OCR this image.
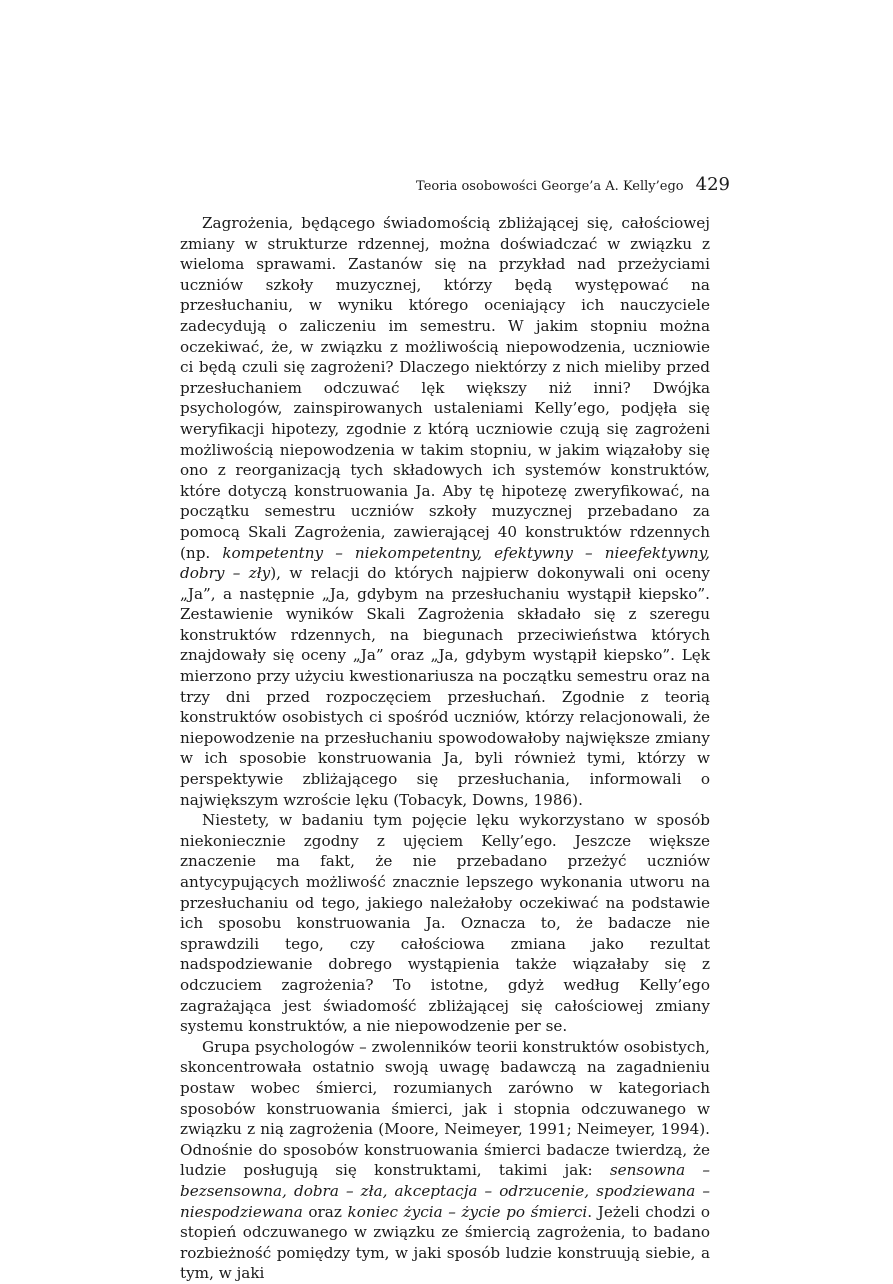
Teoria osobowości George’a A. Kelly’ego 429

Zagrożenia, będącego świadomością zbliżającej się, całościowej zmiany w strukturze rdzennej, można doświadczać w związku z wieloma sprawami. Zastanów się na przykład nad przeżyciami uczniów szkoły muzycznej, którzy będą występować na przesłuchaniu, w wyniku którego oceniający ich nauczyciele zadecydują o zaliczeniu im semestru. W jakim stopniu można oczekiwać, że, w związku z możliwością niepowodzenia, uczniowie ci będą czuli się zagrożeni? Dlaczego niektórzy z nich mieliby przed przesłuchaniem odczuwać lęk większy niż inni? Dwójka psychologów, zainspirowanych ustaleniami Kelly’ego, podjęła się weryfikacji hipotezy, zgodnie z którą uczniowie czują się zagrożeni możliwością niepowodzenia w takim stopniu, w jakim wiązałoby się ono z reorganizacją tych składowych ich systemów konstruktów, które dotyczą konstruowania Ja. Aby tę hipotezę zweryfikować, na początku semestru uczniów szkoły muzycznej przebadano za pomocą Skali Zagrożenia, zawierającej 40 konstruktów rdzennych (np. kompetentny – niekompetentny, efektywny – nieefektywny, dobry – zły), w relacji do których najpierw dokonywali oni oceny „Ja”, a następnie „Ja, gdybym na przesłuchaniu wystąpił kiepsko”. Zestawienie wyników Skali Zagrożenia składało się z szeregu konstruktów rdzennych, na biegunach przeciwieństwa których znajdowały się oceny „Ja” oraz „Ja, gdybym wystąpił kiepsko”. Lęk mierzono przy użyciu kwestionariusza na początku semestru oraz na trzy dni przed rozpoczęciem przesłuchań. Zgodnie z teorią konstruktów osobistych ci spośród uczniów, którzy relacjonowali, że niepowodzenie na przesłuchaniu spowodowałoby największe zmiany w ich sposobie konstruowania Ja, byli również tymi, którzy w perspektywie zbliżającego się przesłuchania, informowali o największym wzroście lęku (Tobacyk, Downs, 1986).

Niestety, w badaniu tym pojęcie lęku wykorzystano w sposób niekoniecznie zgodny z ujęciem Kelly’ego. Jeszcze większe znaczenie ma fakt, że nie przebadano przeżyć uczniów antycypujących możliwość znacznie lepszego wykonania utworu na przesłuchaniu od tego, jakiego należałoby oczekiwać na podstawie ich sposobu konstruowania Ja. Oznacza to, że badacze nie sprawdzili tego, czy całościowa zmiana jako rezultat nadspodziewanie dobrego wystąpienia także wiązałaby się z odczuciem zagrożenia? To istotne, gdyż według Kelly’ego zagrażająca jest świadomość zbliżającej się całościowej zmiany systemu konstruktów, a nie niepowodzenie per se.

Grupa psychologów – zwolenników teorii konstruktów osobistych, skoncentrowała ostatnio swoją uwagę badawczą na zagadnieniu postaw wobec śmierci, rozumianych zarówno w kategoriach sposobów konstruowania śmierci, jak i stopnia odczuwanego w związku z nią zagrożenia (Moore, Neimeyer, 1991; Neimeyer, 1994). Odnośnie do sposobów konstruowania śmierci badacze twierdzą, że ludzie posługują się konstruktami, takimi jak: sensowna – bezsensowna, dobra – zła, akceptacja – odrzucenie, spodziewana – niespodziewana oraz koniec życia – życie po śmierci. Jeżeli chodzi o stopień odczuwanego w związku ze śmiercią zagrożenia, to badano rozbieżność pomiędzy tym, w jaki sposób ludzie konstruują siebie, a tym, w jaki
